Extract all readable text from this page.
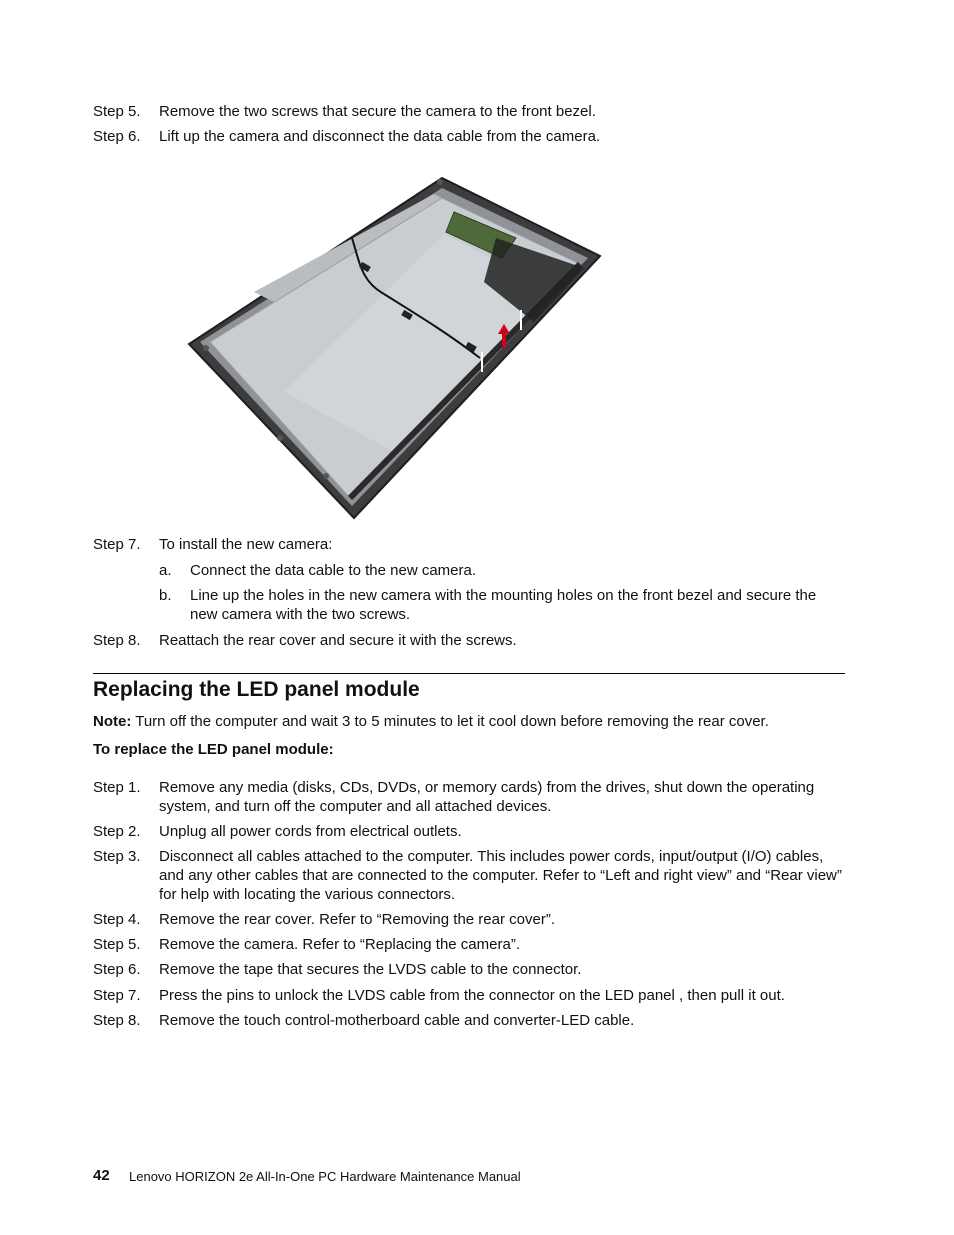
Step 5. Remove the two screws that secure the camera to the front bezel.
Step 6. Lift up the camera and disconnect the data cable from the camera.
Step 7. To install the new camera:
a. Connect the data cable to the new camera.
b. Line up the holes in the new camera with the mounting holes on the front bezel and secure the new camera with the two screws.
Step 8. Reattach the rear cover and secure it with the screws.
Replacing the LED panel module
Note: Turn off the computer and wait 3 to 5 minutes to let it cool down before removing the rear cover.
To replace the LED panel module:
Step 1. Remove any media (disks, CDs, DVDs, or memory cards) from the drives, shut down the operating system, and turn off the computer and all attached devices.
Step 2. Unplug all power cords from electrical outlets.
Step 3. Disconnect all cables attached to the computer. This includes power cords, input/output (I/O) cables, and any other cables that are connected to the computer. Refer to “Left and right view” and “Rear view” for help with locating the various connectors.
Step 4. Remove the rear cover. Refer to “Removing the rear cover”.
Step 5. Remove the camera. Refer to “Replacing the camera”.
Step 6. Remove the tape that secures the LVDS cable to the connector.
Step 7. Press the pins to unlock the LVDS cable from the connector on the LED panel , then pull it out.
Step 8. Remove the touch control-motherboard cable and converter-LED cable.
42 Lenovo HORIZON 2e All-In-One PC Hardware Maintenance Manual
